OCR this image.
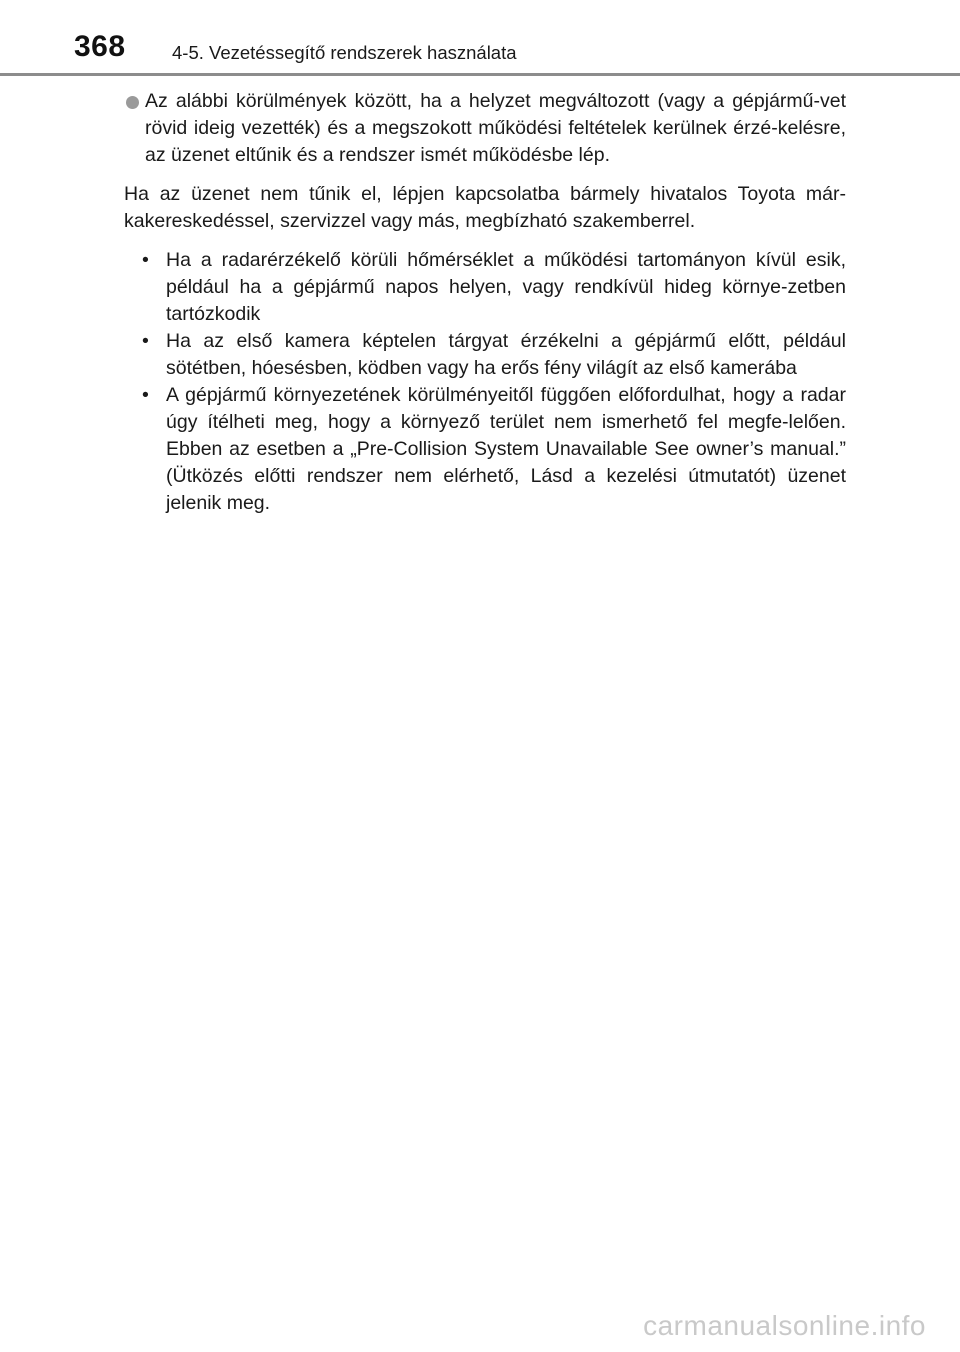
368	4-5. Vezetéssegítő rendszerek használata
Az alábbi körülmények között, ha a helyzet megváltozott (vagy a gépjármű-vet rövid ideig vezették) és a megszokott működési feltételek kerülnek érzé-kelésre, az üzenet eltűnik és a rendszer ismét működésbe lép.
Ha az üzenet nem tűnik el, lépjen kapcsolatba bármely hivatalos Toyota már-kakereskedéssel, szervizzel vagy más, megbízható szakemberrel.
• Ha a radarérzékelő körüli hőmérséklet a működési tartományon kívül esik, például ha a gépjármű napos helyen, vagy rendkívül hideg környe-zetben tartózkodik
• Ha az első kamera képtelen tárgyat érzékelni a gépjármű előtt, például sötétben, hóesésben, ködben vagy ha erős fény világít az első kamerába
• A gépjármű környezetének körülményeitől függően előfordulhat, hogy a radar úgy ítélheti meg, hogy a környező terület nem ismerhető fel megfe-lelően. Ebben az esetben a „Pre-Collision System Unavailable See owner’s manual.” (Ütközés előtti rendszer nem elérhető, Lásd a kezelési útmutatót) üzenet jelenik meg.
carmanualsonline.info
